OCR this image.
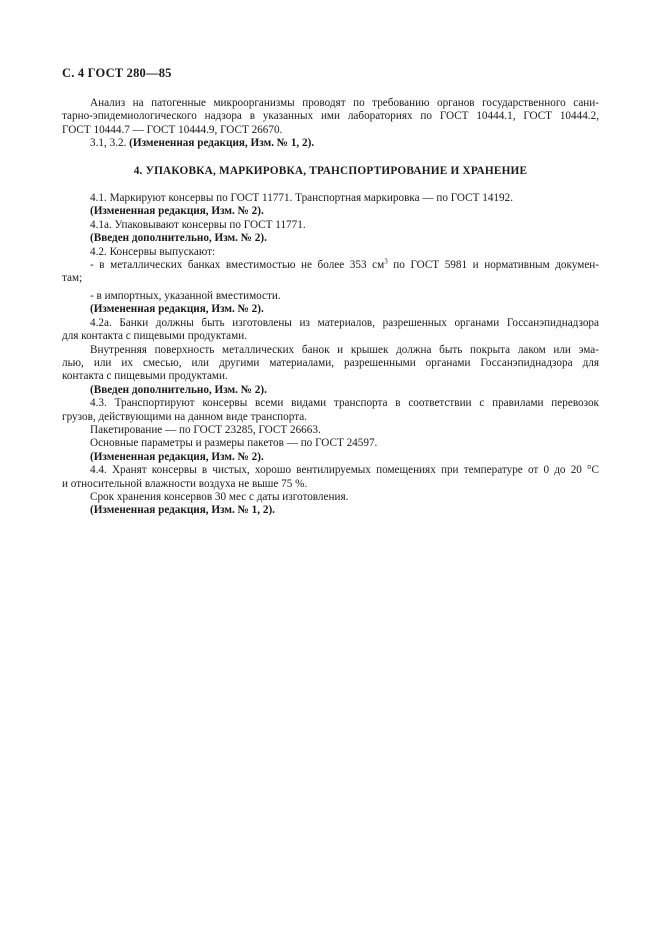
С. 4 ГОСТ 280—85

Анализ на патогенные микроорганизмы проводят по требованию органов государственного сани-

тарно-эпидемиологического надзора в указанных ими лабораториях по ГОСТ 10444.1, ГОСТ 10444.2,

ГОСТ 10444.7 — ГОСТ 10444.9, ГОСТ 26670.

3.1, 3.2. (Измененная редакция, Изм. № 1, 2).

4. УПАКОВКА, МАРКИРОВКА, ТРАНСПОРТИРОВАНИЕ И ХРАНЕНИЕ

4.1. Маркируют консервы по ГОСТ 11771. Транспортная маркировка — по ГОСТ 14192.

(Измененная редакция, Изм. № 2).

4.1а. Упаковывают консервы по ГОСТ 11771.

(Введен дополнительно, Изм. № 2).

4.2. Консервы выпускают:

- в металлических банках вместимостью не более 353 $см^3$ по ГОСТ 5981 и нормативным докумен-

там;

- в импортных, указанной вместимости.

(Измененная редакция, Изм. № 2).

4.2а. Банки должны быть изготовлены из материалов, разрешенных органами Госсанэпиднадзора

для контакта с пищевыми продуктами.

Внутренняя поверхность металлических банок и крышек должна быть покрыта лаком или эма-

лью, или их смесью, или другими материалами, разрешенными органами Госсанэпиднадзора для

контакта с пищевыми продуктами.

(Введен дополнительно, Изм. № 2).

4.3. Транспортируют консервы всеми видами транспорта в соответствии с правилами перевозок

грузов, действующими на данном виде транспорта.

Пакетирование — по ГОСТ 23285, ГОСТ 26663.

Основные параметры и размеры пакетов — по ГОСТ 24597.

(Измененная редакция, Изм. № 2).

4.4. Хранят консервы в чистых, хорошо вентилируемых помещениях при температуре от 0 до 20 °С

и относительной влажности воздуха не выше 75 %.

Срок хранения консервов 30 мес с даты изготовления.

(Измененная редакция, Изм. № 1, 2).
